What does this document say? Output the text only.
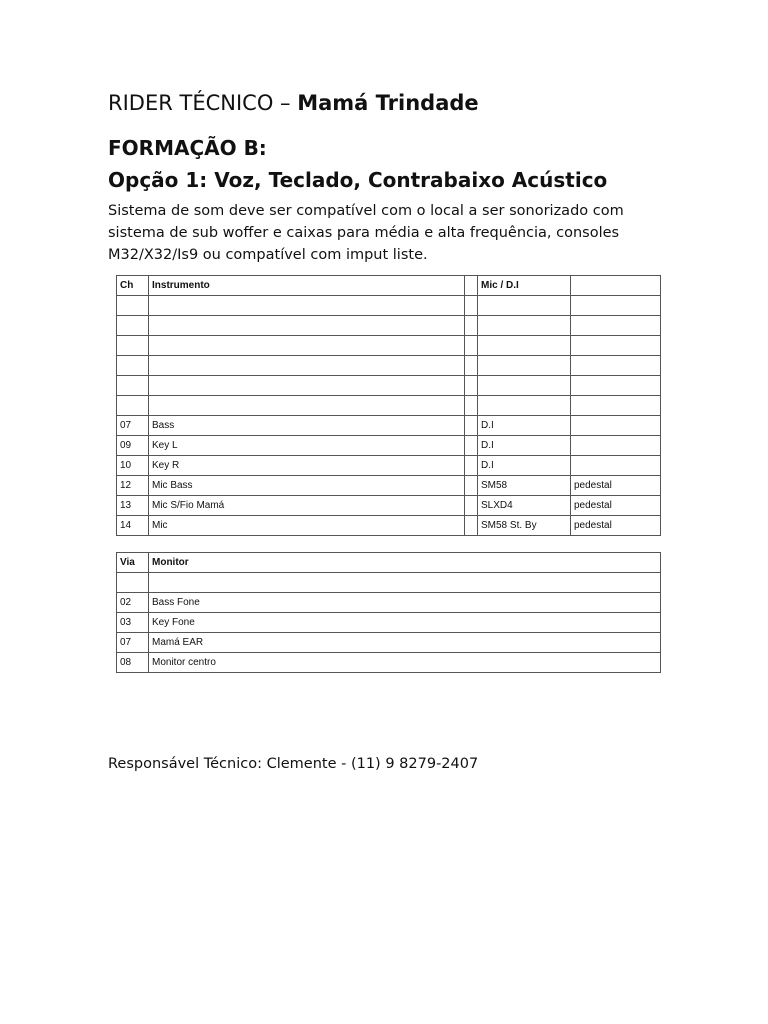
RIDER TÉCNICO – Mamá Trindade
FORMAÇÃO B:
Opção 1: Voz, Teclado, Contrabaixo Acústico

Sistema de som deve ser compatível com o local a ser sonorizado com
sistema de sub woffer e caixas para média e alta frequência, consoles
M32/X32/Is9 ou compatível com imput liste.

Ch	Instrumento		Mic / D.I	

07	Bass		D.I	
09	Key L		D.I	
10	Key R		D.I	
12	Mic Bass		SM58	pedestal
13	Mic S/Fio Mamá		SLXD4	pedestal
14	Mic		SM58 St. By	pedestal
Via	Monitor

02	Bass Fone
03	Key Fone
07	Mamá EAR
08	Monitor centro

Responsável Técnico: Clemente - (11) 9 8279-2407
